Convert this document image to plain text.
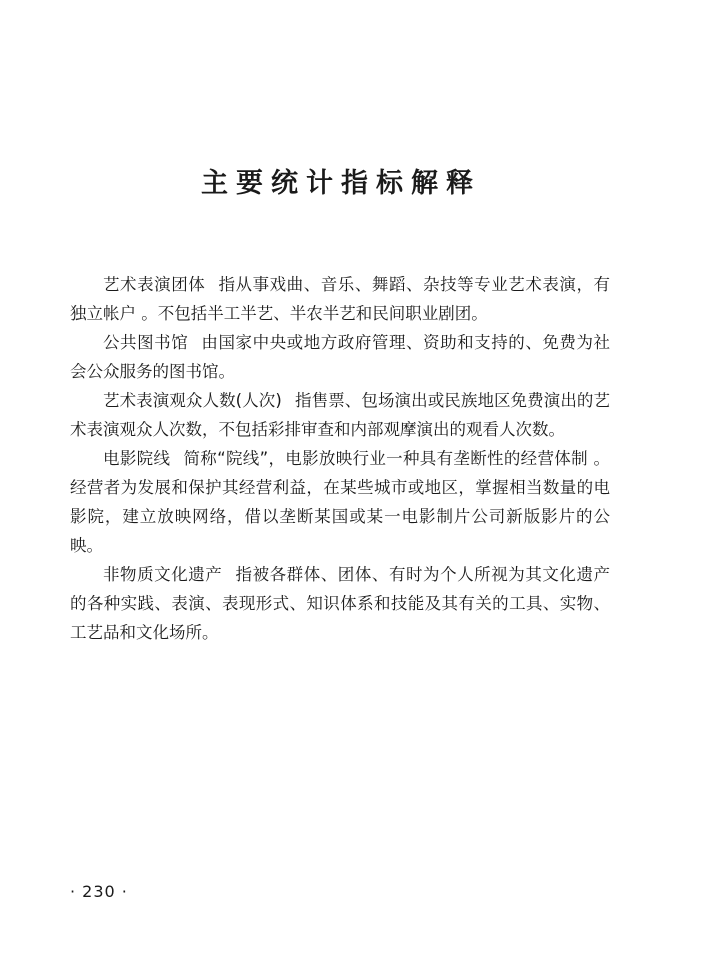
主要统计指标解释

艺术表演团体 指从事戏曲、音乐、舞蹈、杂技等专业艺术表演，有独立帐户 。不包括半工半艺、半农半艺和民间职业剧团。

公共图书馆 由国家中央或地方政府管理、资助和支持的、免费为社会公众服务的图书馆。

艺术表演观众人数(人次) 指售票、包场演出或民族地区免费演出的艺术表演观众人次数，不包括彩排审查和内部观摩演出的观看人次数。

电影院线 简称“院线”，电影放映行业一种具有垄断性的经营体制 。经营者为发展和保护其经营利益，在某些城市或地区，掌握相当数量的电影院，建立放映网络，借以垄断某国或某一电影制片公司新版影片的公映。

非物质文化遗产 指被各群体、团体、有时为个人所视为其文化遗产的各种实践、表演、表现形式、知识体系和技能及其有关的工具、实物、工艺品和文化场所。

· 230 ·
